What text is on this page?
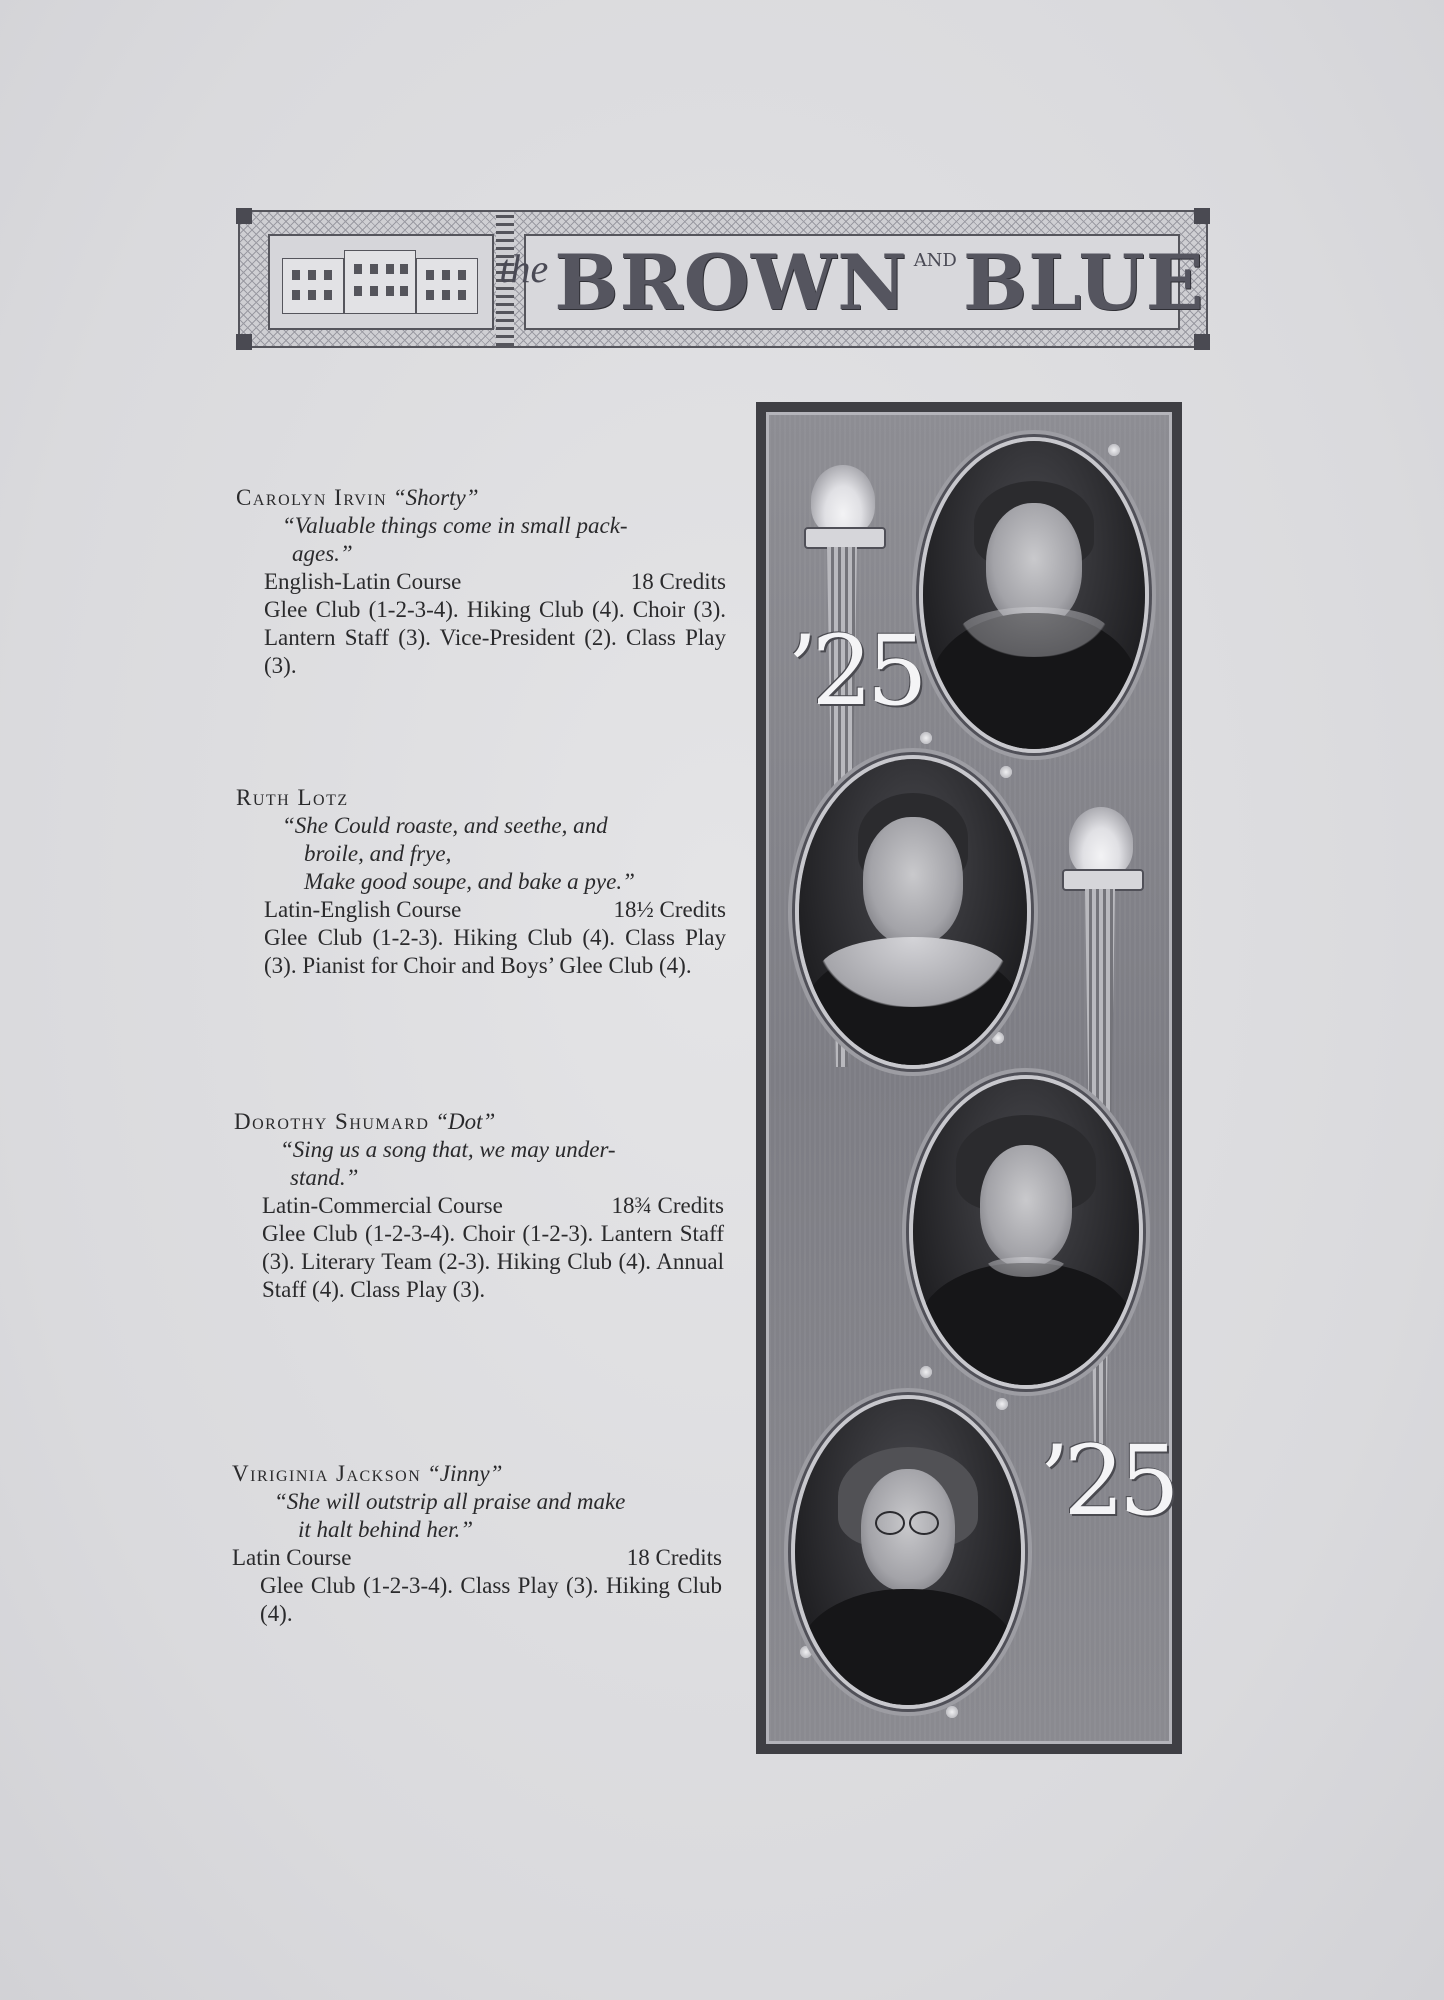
the BROWN AND BLUE
Carolyn Irvin “Shorty”

“Valuable things come in small pack-

ages.”

English-Latin Course	18 Credits

Glee Club (1-2-3-4). Hiking Club (4). Choir (3). Lantern Staff (3). Vice-President (2). Class Play (3).

Ruth Lotz

“She Could roaste, and seethe, and

broile, and frye,

Make good soupe, and bake a pye.”

Latin-English Course	18½ Credits

Glee Club (1-2-3). Hiking Club (4). Class Play (3). Pianist for Choir and Boys’ Glee Club (4).

Dorothy Shumard “Dot”

“Sing us a song that, we may under-

stand.”

Latin-Commercial Course	18¾ Credits

Glee Club (1-2-3-4). Choir (1-2-3). Lantern Staff (3). Literary Team (2-3). Hiking Club (4). Annual Staff (4). Class Play (3).

Viriginia Jackson “Jinny”

“She will outstrip all praise and make

it halt behind her.”

Latin Course	18 Credits

Glee Club (1-2-3-4). Class Play (3). Hiking Club (4).

’25
’25
